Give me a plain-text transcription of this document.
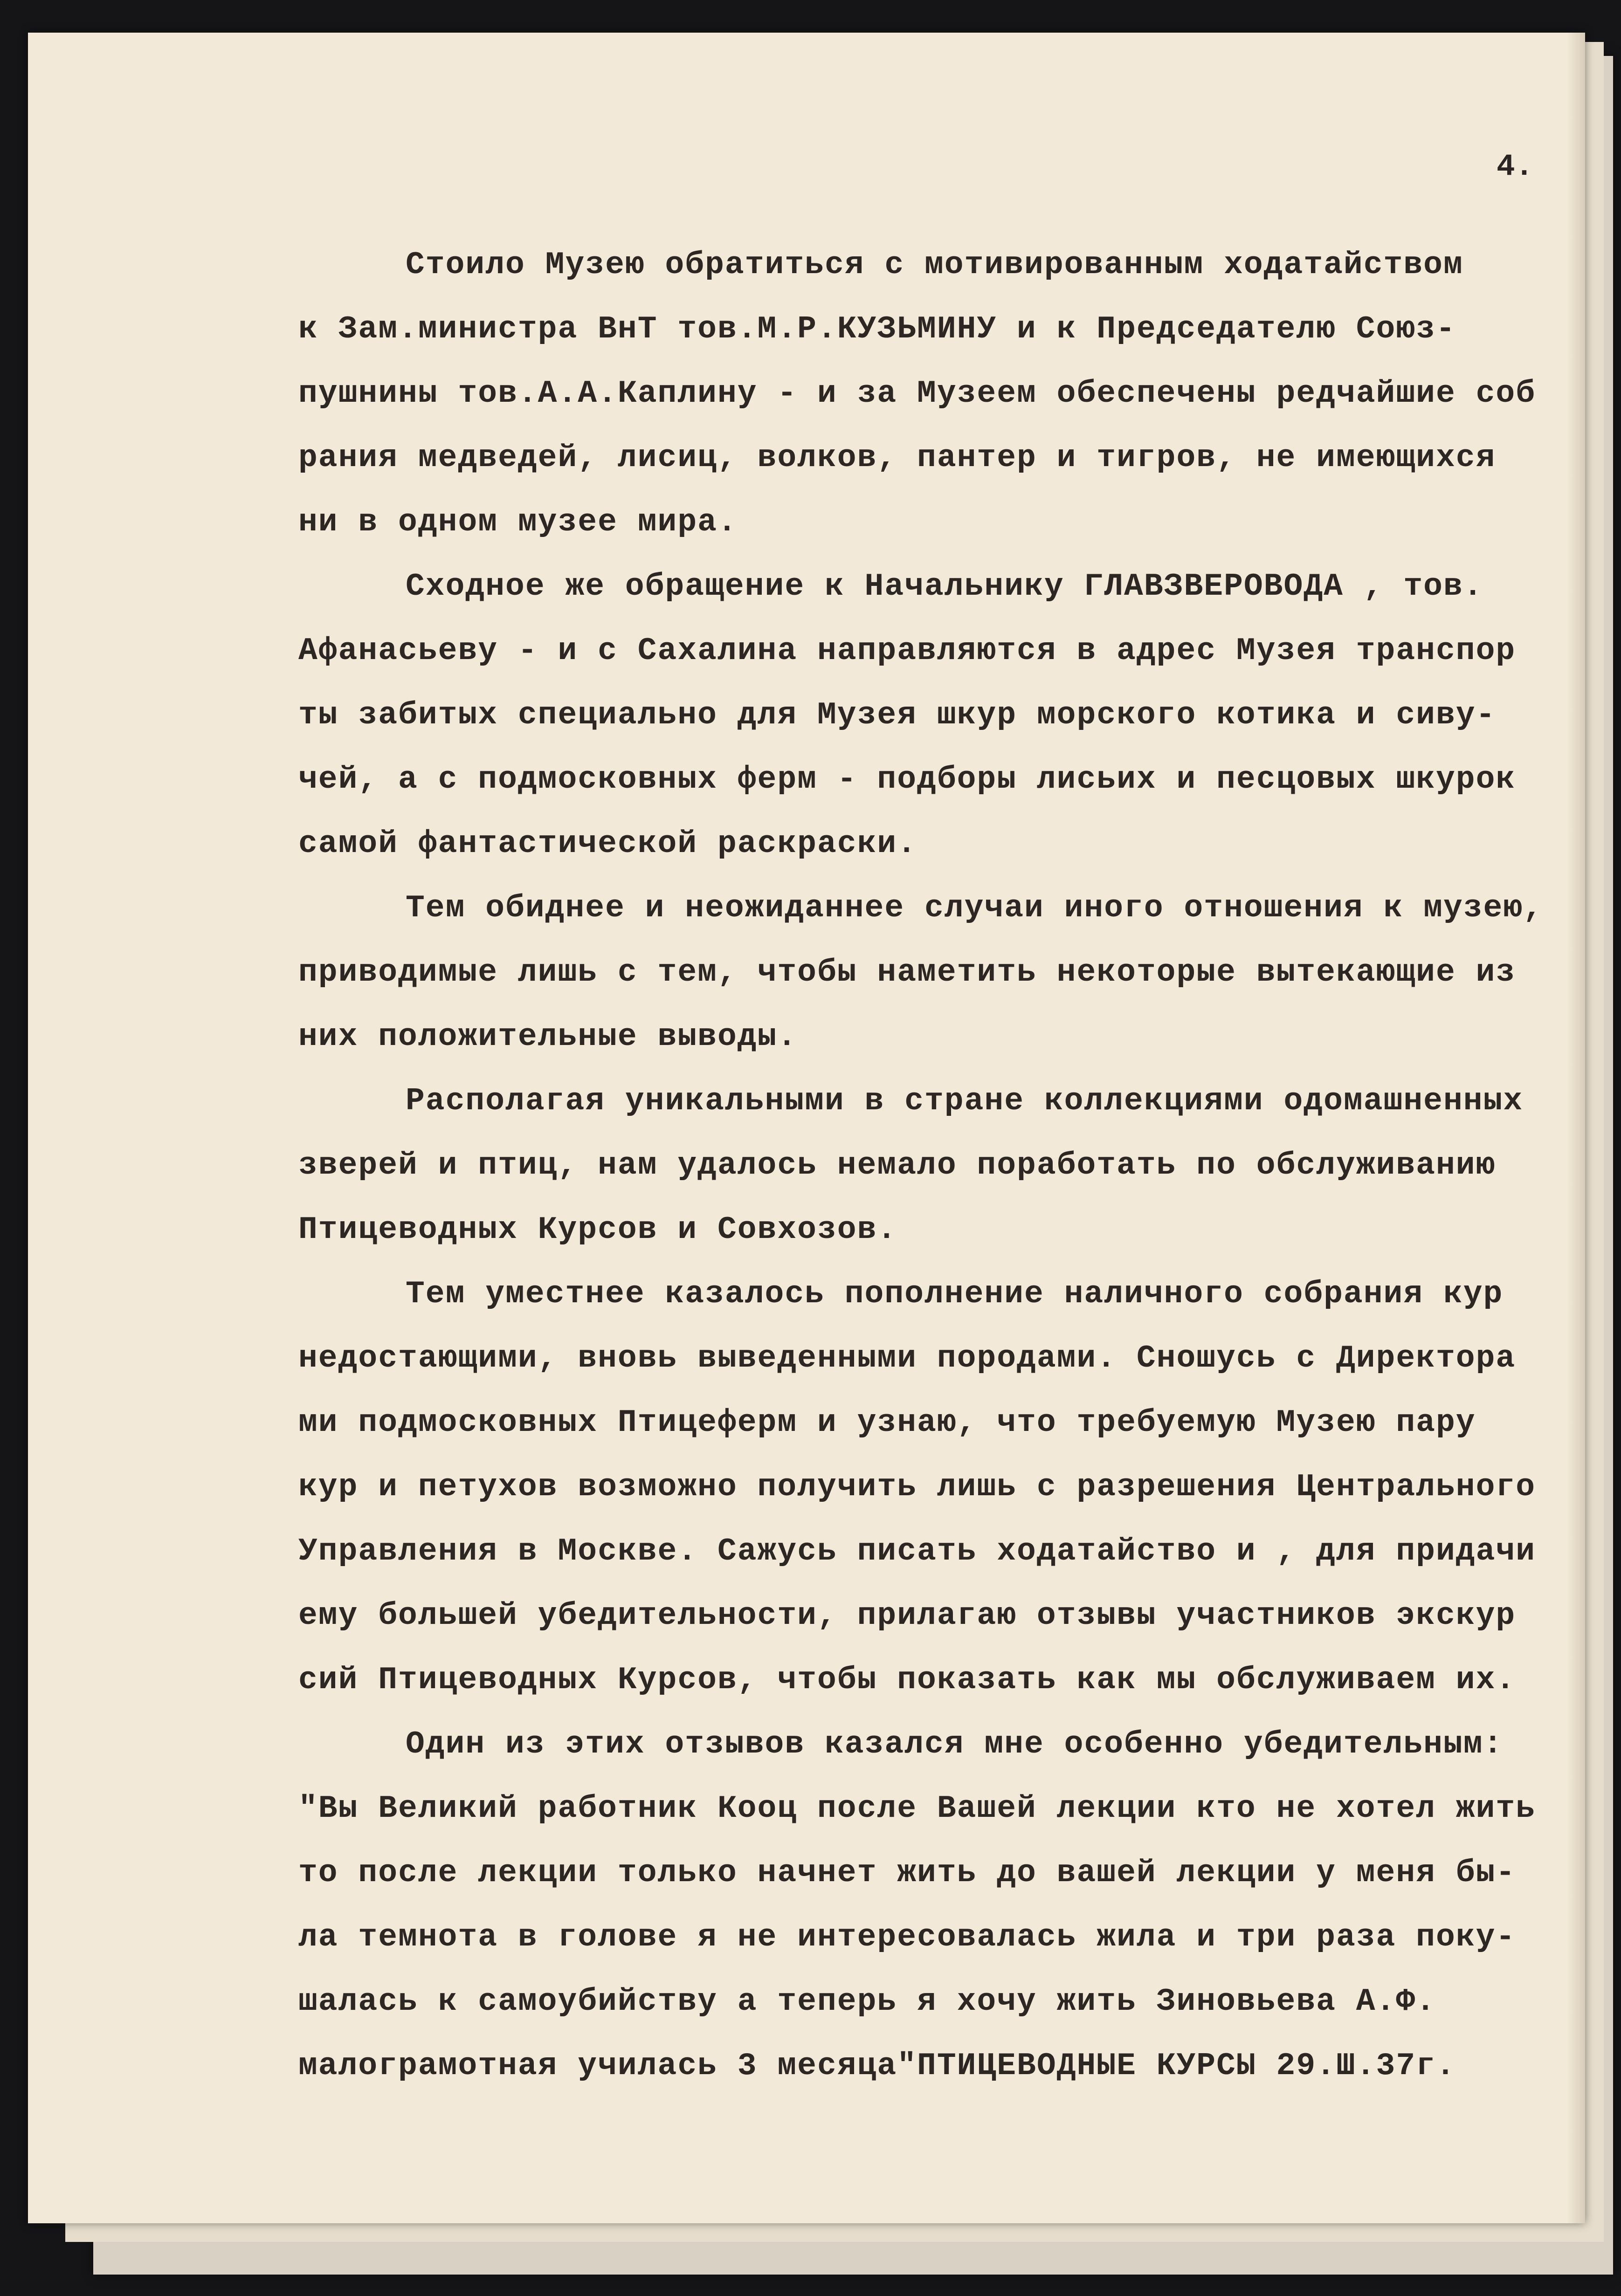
4.
Стоило Музею обратиться с мотивированным ходатайством
к Зам.министра ВнТ тов.М.Р.КУЗЬМИНУ и к Председателю Союз-
пушнины тов.А.А.Каплину - и за Музеем обеспечены редчайшие соб
рания медведей, лисиц, волков, пантер и тигров, не имеющихся
ни в одном музее мира.
Сходное же обращение к Начальнику ГЛАВЗВЕРОВОДА , тов.
Афанасьеву - и с Сахалина направляются в адрес Музея транспор
ты забитых специально для Музея шкур морского котика и сиву-
чей, а с подмосковных ферм - подборы лисьих и песцовых шкурок
самой фантастической раскраски.
Тем обиднее и неожиданнее случаи иного отношения к музею,
приводимые лишь с тем, чтобы наметить некоторые вытекающие из
них положительные выводы.
Располагая уникальными в стране коллекциями одомашненных
зверей и птиц, нам удалось немало поработать по обслуживанию
Птицеводных Курсов и Совхозов.
Тем уместнее казалось пополнение наличного собрания кур
недостающими, вновь выведенными породами. Сношусь с Директора
ми подмосковных Птицеферм и узнаю, что требуемую Музею пару
кур и петухов возможно получить лишь с разрешения Центрального
Управления в Москве. Сажусь писать ходатайство и , для придачи
ему большей убедительности, прилагаю отзывы участников экскур
сий Птицеводных Курсов, чтобы показать как мы обслуживаем их.
Один из этих отзывов казался мне особенно убедительным:
"Вы Великий работник Кооц после Вашей лекции кто не хотел жить
то после лекции только начнет жить до вашей лекции у меня бы-
ла темнота в голове я не интересовалась жила и три раза поку-
шалась к самоубийству а теперь я хочу жить Зиновьева А.Ф.
малограмотная училась 3 месяца"ПТИЦЕВОДНЫЕ КУРСЫ 29.Ш.37г.
